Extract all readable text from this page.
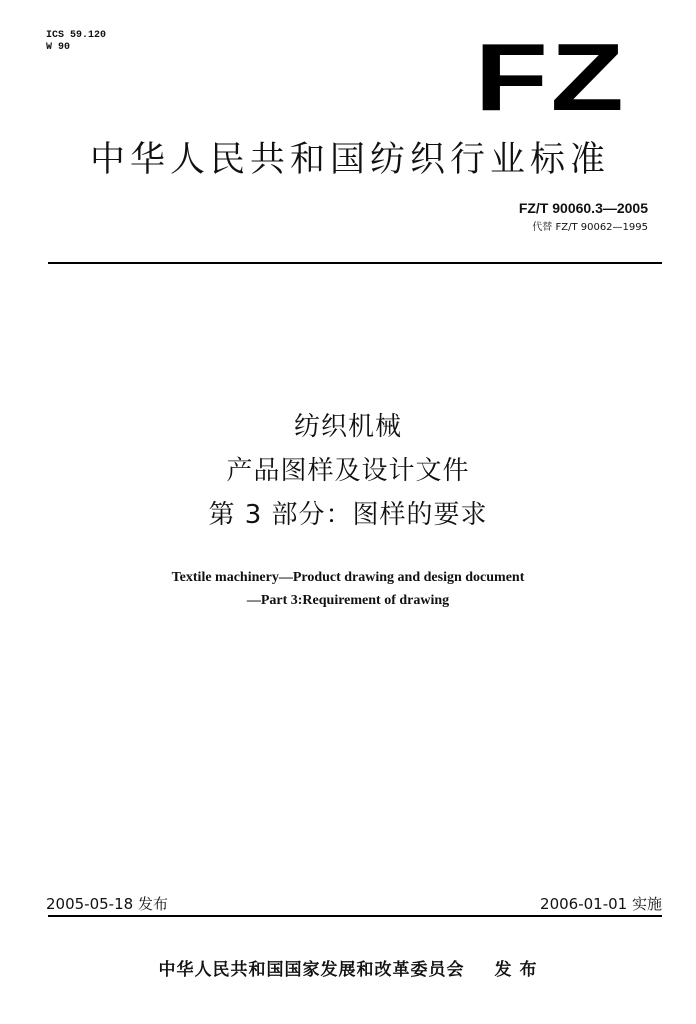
ICS 59.120
W 90	FZ
中华人民共和国纺织行业标准
FZ/T 90060.3—2005
代替 FZ/T 90062—1995
纺织机械
产品图样及设计文件
第 3 部分：图样的要求
Textile machinery—Product drawing and design document
—Part 3:Requirement of drawing
2005-05-18 发布	2006-01-01 实施
中华人民共和国国家发展和改革委员会 发 布
